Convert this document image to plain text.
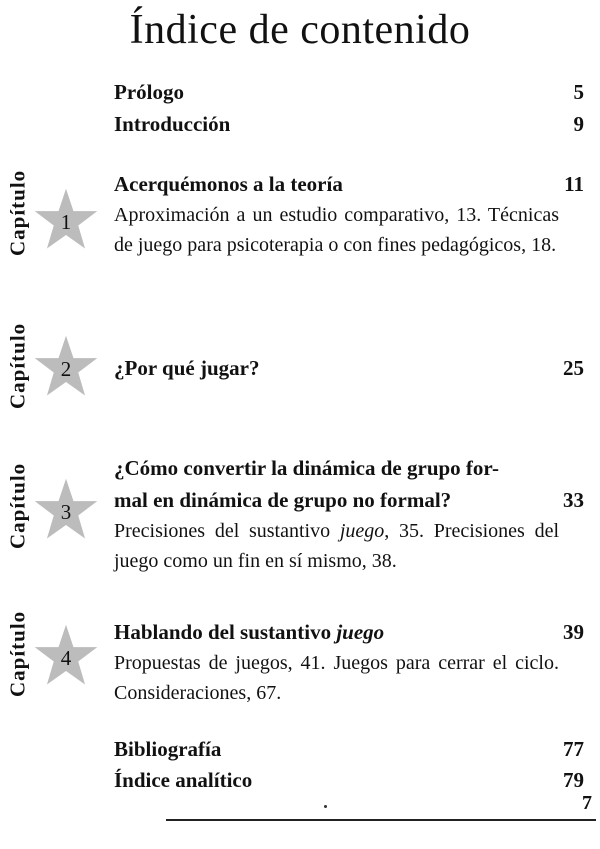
Índice de contenido
Prólogo	5
Introducción	9
Capítulo	1
Acerquémonos a la teoría	11
Aproximación a un estudio comparativo, 13. Técnicas de juego para psicoterapia o con fines pedagógicos, 18.
Capítulo	2	¿Por qué jugar?	25
Capítulo	3
¿Cómo convertir la dinámica de grupo for-
mal en dinámica de grupo no formal?	33
Precisiones del sustantivo juego, 35. Precisiones del juego como un fin en sí mismo, 38.
Capítulo	4
Hablando del sustantivo juego	39
Propuestas de juegos, 41. Juegos para cerrar el ciclo. Consideraciones, 67.
Bibliografía	77
Índice analítico	79
7
